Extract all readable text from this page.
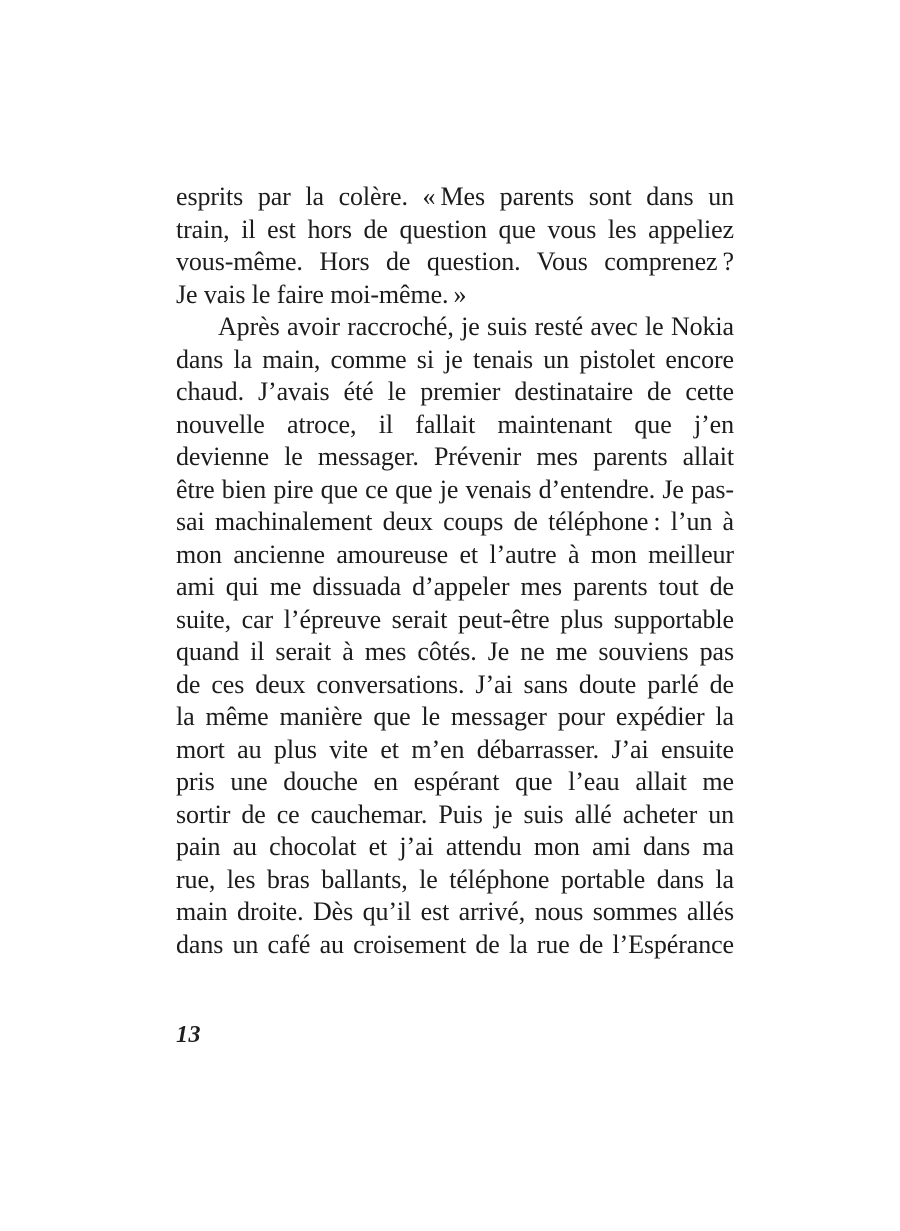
esprits par la colère. « Mes parents sont dans un
train, il est hors de question que vous les appeliez
vous-même. Hors de question. Vous comprenez ?
Je vais le faire moi-même. »
Après avoir raccroché, je suis resté avec le Nokia
dans la main, comme si je tenais un pistolet encore
chaud. J’avais été le premier destinataire de cette
nouvelle atroce, il fallait maintenant que j’en
devienne le messager. Prévenir mes parents allait
être bien pire que ce que je venais d’entendre. Je pas-
sai machinalement deux coups de téléphone : l’un à
mon ancienne amoureuse et l’autre à mon meilleur
ami qui me dissuada d’appeler mes parents tout de
suite, car l’épreuve serait peut-être plus supportable
quand il serait à mes côtés. Je ne me souviens pas
de ces deux conversations. J’ai sans doute parlé de
la même manière que le messager pour expédier la
mort au plus vite et m’en débarrasser. J’ai ensuite
pris une douche en espérant que l’eau allait me
sortir de ce cauchemar. Puis je suis allé acheter un
pain au chocolat et j’ai attendu mon ami dans ma
rue, les bras ballants, le téléphone portable dans la
main droite. Dès qu’il est arrivé, nous sommes allés
dans un café au croisement de la rue de l’Espérance
13
